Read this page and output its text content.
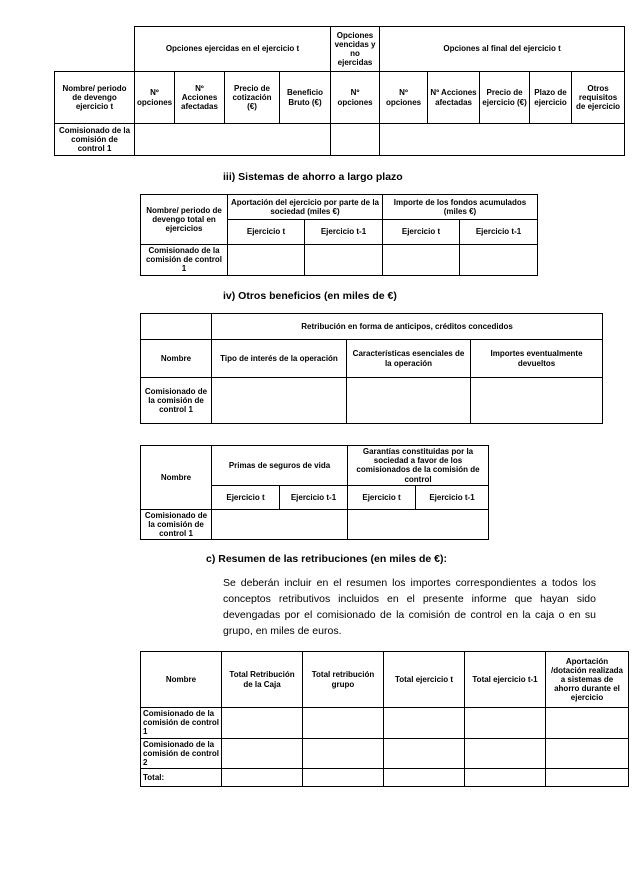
	Opciones ejercidas en el ejercicio t				Opciones vencidas y no ejercidas	Opciones al final del ejercicio t				
Nombre/ periodo de devengo ejercicio t	Nº opciones	Nº Acciones afectadas	Precio de cotización (€)	Beneficio Bruto (€)	Nº opciones	Nº opciones	Nº Acciones afectadas	Precio de ejercicio (€)	Plazo de ejercicio	Otros requisitos de ejercicio
Comisionado de la comisión de control 1										
iii) Sistemas de ahorro a largo plazo
Nombre/ periodo de devengo total en ejercicios	Aportación del ejercicio por parte de la sociedad (miles €)		Importe de los fondos acumulados (miles €)	
	Ejercicio t	Ejercicio t-1	Ejercicio t	Ejercicio t-1
Comisionado de la comisión de control 1				
iv) Otros beneficios (en miles de €)
	Retribución en forma de anticipos, créditos concedidos		
Nombre	Tipo de interés de la operación	Características esenciales de la operación	Importes eventualmente devueltos
Comisionado de la comisión de control 1			
Nombre	Primas de seguros de vida		Garantías constituidas por la sociedad a favor de los comisionados de la comisión de control	
	Ejercicio t	Ejercicio t-1	Ejercicio t	Ejercicio t-1
Comisionado de la comisión de control 1				
c) Resumen de las retribuciones (en miles de €):
Se deberán incluir en el resumen los importes correspondientes a todos los
conceptos retributivos incluidos en el presente informe que hayan sido
devengadas por el comisionado de la comisión de control en la caja o en su
grupo, en miles de euros.
Nombre	Total Retribución de la Caja	Total retribución grupo	Total ejercicio t	Total ejercicio t-1	Aportación /dotación realizada a sistemas de ahorro durante el ejercicio
Comisionado de la comisión de control 1					
Comisionado de la comisión de control 2					
Total:					
